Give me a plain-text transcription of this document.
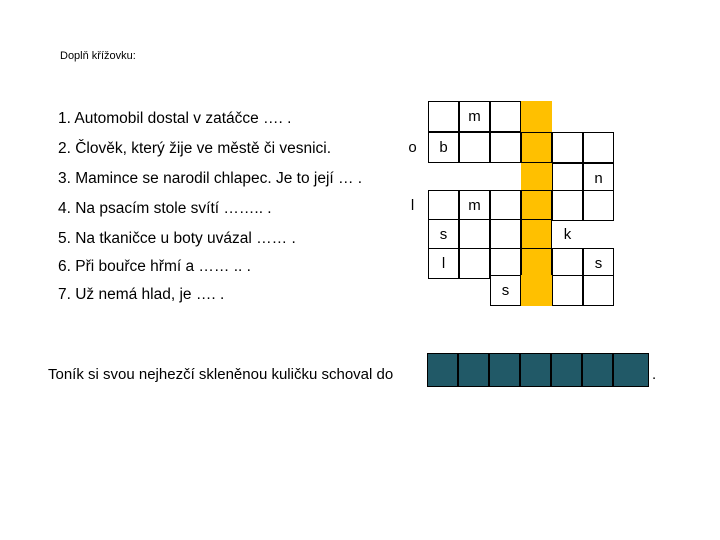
Doplň křížovku:
1. Automobil dostal v zatáčce …. .
2. Člověk, který žije ve městě či vesnici.
3. Mamince se narodil chlapec. Je to její … .
4. Na psacím stole svítí …….. .
5. Na tkaničce u boty uvázal …… .
6. Při bouřce hřmí a …… .. .
7. Už nemá hlad, je …. .
m
o	b
n
l	m
s	k
l	s
s
Toník si svou nejhezčí skleněnou kuličku schoval do	.
